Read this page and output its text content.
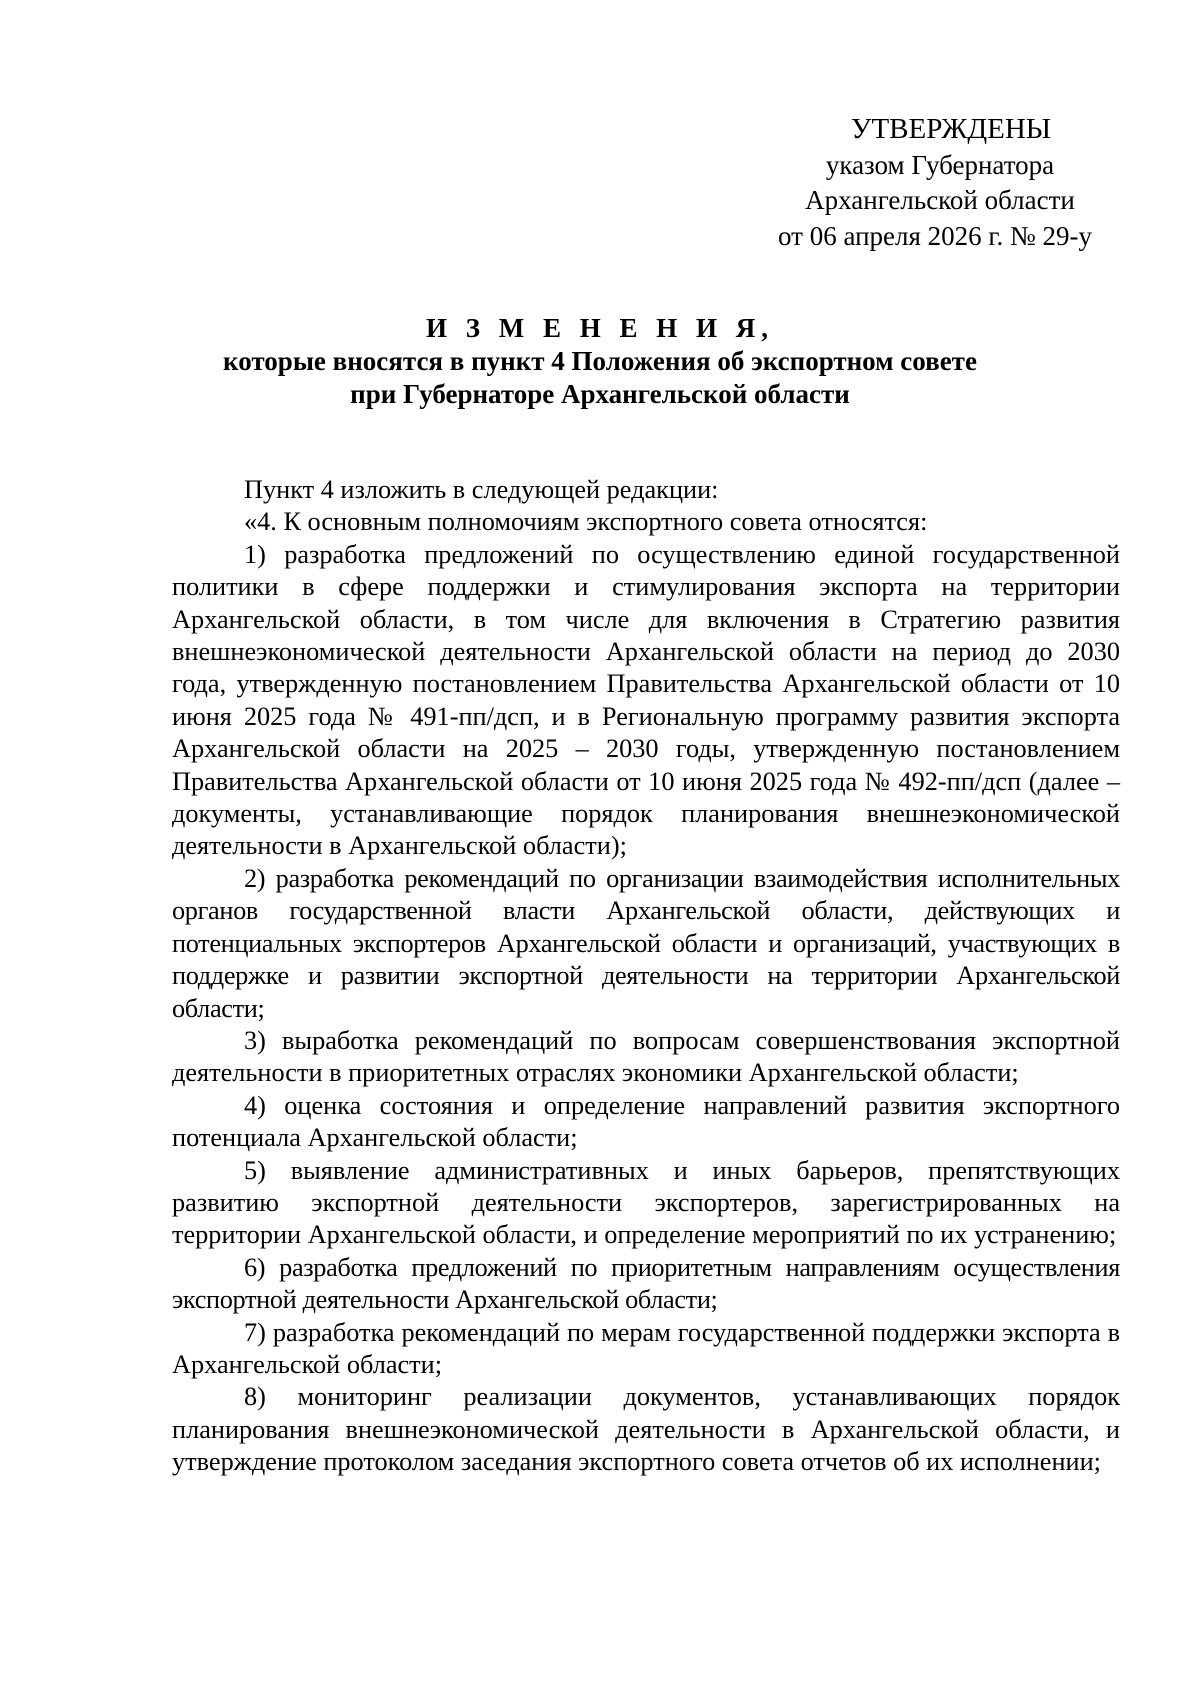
УТВЕРЖДЕНЫ
указом Губернатора
Архангельской области
от 06 апреля 2026 г. № 29-у
И З М Е Н Е Н И Я,
которые вносятся в пункт 4 Положения об экспортном совете
при Губернаторе Архангельской области

Пункт 4 изложить в следующей редакции:

«4. К основным полномочиям экспортного совета относятся:

1) разработка предложений по осуществлению единой государственной политики в сфере поддержки и стимулирования экспорта на территории Архангельской области, в том числе для включения в Стратегию развития внешнеэкономической деятельности Архангельской области на период до 2030 года, утвержденную постановлением Правительства Архангельской области от 10 июня 2025 года № 491-пп/дсп, и в Региональную программу развития экспорта Архангельской области на 2025 – 2030 годы, утвержденную постановлением Правительства Архангельской области от 10 июня 2025 года № 492-пп/дсп (далее – документы, устанавливающие порядок планирования внешнеэкономической деятельности в Архангельской области);

2) разработка рекомендаций по организации взаимодействия исполнительных органов государственной власти Архангельской области, действующих и потенциальных экспортеров Архангельской области и организаций, участвующих в поддержке и развитии экспортной деятельности на территории Архангельской области;

3) выработка рекомендаций по вопросам совершенствования экспортной деятельности в приоритетных отраслях экономики Архангельской области;

4) оценка состояния и определение направлений развития экспортного потенциала Архангельской области;

5) выявление административных и иных барьеров, препятствующих развитию экспортной деятельности экспортеров, зарегистрированных на территории Архангельской области, и определение мероприятий по их устранению;

6) разработка предложений по приоритетным направлениям осуществления экспортной деятельности Архангельской области;

7) разработка рекомендаций по мерам государственной поддержки экспорта в Архангельской области;

8) мониторинг реализации документов, устанавливающих порядок планирования внешнеэкономической деятельности в Архангельской области, и утверждение протоколом заседания экспортного совета отчетов об их исполнении;
